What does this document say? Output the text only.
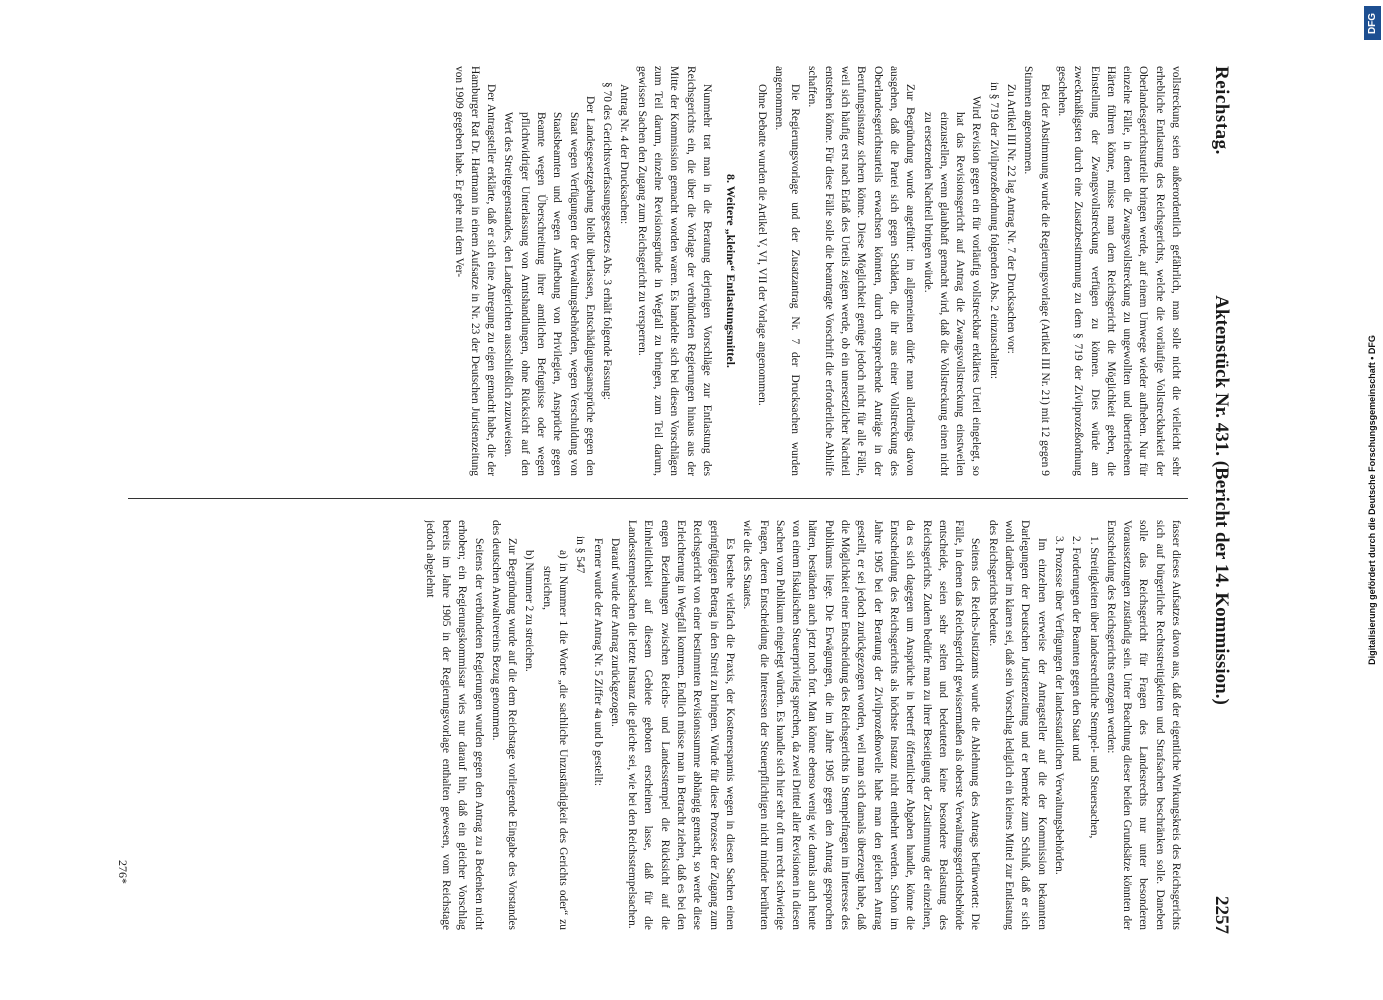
DFG
Digitalisierung gefördert durch die Deutsche Forschungsgemeinschaft • DFG
Reichstag.
Aktenstück Nr. 431. (Bericht der 14. Kommission.)
2257

vollstreckung seien außerordentlich gefährlich, man solle nicht die vielleicht sehr erhebliche Entlastung des Reichsgerichts, welche die vorläufige Vollstreckbarkeit der Oberlandesgerichtsurteile bringen werde, auf einem Umwege wieder aufheben. Nur für einzelne Fälle, in denen die Zwangsvollstreckung zu ungewollten und übertriebenen Härten führen könne, müsse man dem Reichsgericht die Möglichkeit geben, die Einstellung der Zwangsvollstreckung verfügen zu können. Dies würde am zweckmäßigsten durch eine Zusatzbestimmung zu dem § 719 der Zivilprozeßordnung geschehen.

Bei der Abstimmung wurde die Regierungsvorlage (Artikel III Nr. 21) mit 12 gegen 9 Stimmen angenommen.

Zu Artikel III Nr. 22 lag Antrag Nr. 7 der Drucksachen vor:

in § 719 der Zivilprozeßordnung folgenden Abs. 2 einzuschalten:

Wird Revision gegen ein für vorläufig vollstreckbar erklärtes Urteil eingelegt, so hat das Revisionsgericht auf Antrag die Zwangsvollstreckung einstweilen einzustellen, wenn glaubhaft gemacht wird, daß die Vollstreckung einen nicht zu ersetzenden Nachteil bringen würde.

Zur Begründung wurde angeführt: im allgemeinen dürfe man allerdings davon ausgehen, daß die Partei sich gegen Schäden, die ihr aus einer Vollstreckung des Oberlandesgerichtsurteils erwachsen könnten, durch entsprechende Anträge in der Berufungsinstanz sichern könne. Diese Möglichkeit genüge jedoch nicht für alle Fälle, weil sich häufig erst nach Erlaß des Urteils zeigen werde, ob ein unersetzlicher Nachteil entstehen könne. Für diese Fälle solle die beantragte Vorschrift die erforderliche Abhilfe schaffen.

Die Regierungsvorlage und der Zusatzantrag Nr. 7 der Drucksachen wurden angenommen.

Ohne Debatte wurden die Artikel V, VI, VII der Vorlage angenommen.

8. Weitere „kleine“ Entlastungsmittel.

Nunmehr trat man in die Beratung derjenigen Vorschläge zur Entlastung des Reichsgerichts ein, die über die Vorlage der verbündeten Regierungen hinaus aus der Mitte der Kommission gemacht worden waren. Es handelte sich bei diesen Vorschlägen zum Teil darum, einzelne Revisionsgründe in Wegfall zu bringen, zum Teil darum, gewissen Sachen den Zugang zum Reichsgericht zu versperren.

Antrag Nr. 4 der Drucksachen:

§ 70 des Gerichtsverfassungsgesetzes Abs. 3 erhält folgende Fassung:

Der Landesgesetzgebung bleibt überlassen, Entschädigungsansprüche gegen den Staat wegen Verfügungen der Verwaltungsbehörden, wegen Verschuldung von Staatsbeamten und wegen Aufhebung von Privilegien, Ansprüche gegen Beamte wegen Überschreitung ihrer amtlichen Befugnisse oder wegen pflichtwidriger Unterlassung von Amtshandlungen, ohne Rücksicht auf den Wert des Streitgegenstandes, den Landgerichten ausschließlich zuzuweisen.

Der Antragsteller erklärte, daß er sich eine Anregung zu eigen gemacht habe, die der Hamburger Rat Dr. Hartmann in einem Aufsatze in Nr. 23 der Deutschen Juristenzeitung von 1909 gegeben habe. Er gehe mit dem Ver-

fasser dieses Aufsatzes davon aus, daß der eigentliche Wirkungskreis des Reichsgerichts sich auf bürgerliche Rechtsstreitigkeiten und Strafsachen beschränken solle. Daneben solle das Reichsgericht für Fragen des Landesrechts nur unter besonderen Voraussetzungen zuständig sein. Unter Beachtung dieser beiden Grundsätze könnten der Entscheidung des Reichsgerichts entzogen werden:

1. Streitigkeiten über landesrechtliche Stempel- und Steuersachen,

2. Forderungen der Beamten gegen den Staat und

3. Prozesse über Verfügungen der landesstaatlichen Verwaltungsbehörden.

Im einzelnen verweise der Antragsteller auf die der Kommission bekannten Darlegungen der Deutschen Juristenzeitung und er bemerke zum Schluß, daß er sich wohl darüber im klaren sei, daß sein Vorschlag lediglich ein kleines Mittel zur Entlastung des Reichsgerichts bedeute.

Seitens des Reichs-Justizamts wurde die Ablehnung des Antrags befürwortet: Die Fälle, in denen das Reichsgericht gewissermaßen als oberste Verwaltungsgerichtsbehörde entscheide, seien sehr selten und bedeuteten keine besondere Belastung des Reichsgerichts. Zudem bedürfe man zu ihrer Beseitigung der Zustimmung der einzelnen, da es sich dagegen um Ansprüche in betreff öffentlicher Abgaben handle, könne die Entscheidung des Reichsgerichts als höchste Instanz nicht entbehrt werden. Schon im Jahre 1905 bei der Beratung der Zivilprozeßnovelle habe man den gleichen Antrag gestellt, er sei jedoch zurückgezogen worden, weil man sich damals überzeugt habe, daß die Möglichkeit einer Entscheidung des Reichsgerichts in Stempelfragen im Interesse des Publikums liege. Die Erwägungen, die im Jahre 1905 gegen den Antrag gesprochen hätten, beständen auch jetzt noch fort. Man könne ebenso wenig wie damals auch heute von einem fiskalischen Steuerprivileg sprechen, da zwei Drittel aller Revisionen in diesen Sachen vom Publikum eingelegt würden. Es handle sich hier sehr oft um recht schwierige Fragen, deren Entscheidung die Interessen der Steuerpflichtigen nicht minder berührten wie die des Staates.

Es bestehe vielfach die Praxis, der Kostenersparnis wegen in diesen Sachen einen geringfügigen Betrag in den Streit zu bringen. Würde für diese Prozesse der Zugang zum Reichsgericht von einer bestimmten Revisionssumme abhängig gemacht, so werde diese Erleichterung in Wegfall kommen. Endlich müsse man in Betracht ziehen, daß es bei den engen Beziehungen zwischen Reichs- und Landesstempel die Rücksicht auf die Einheitlichkeit auf diesem Gebiete geboten erscheinen lasse, daß für die Landesstempelsachen die letzte Instanz die gleiche sei, wie bei den Reichsstempelsachen.

Darauf wurde der Antrag zurückgezogen.

Ferner wurde der Antrag Nr. 5 Ziffer 4a und b gestellt:

in § 547

a) in Nummer 1 die Worte „die sachliche Unzuständigkeit des Gerichts oder“ zu streichen,

b) Nummer 2 zu streichen.

Zur Begründung wurde auf die dem Reichstage vorliegende Eingabe des Vorstandes des deutschen Anwaltvereins Bezug genommen.

Seitens der verbündeten Regierungen wurden gegen den Antrag zu a Bedenken nicht erhoben; ein Regierungskommissar wies nur darauf hin, daß ein gleicher Vorschlag bereits im Jahre 1905 in der Regierungsvorlage enthalten gewesen, vom Reichstage jedoch abgelehnt

276*
